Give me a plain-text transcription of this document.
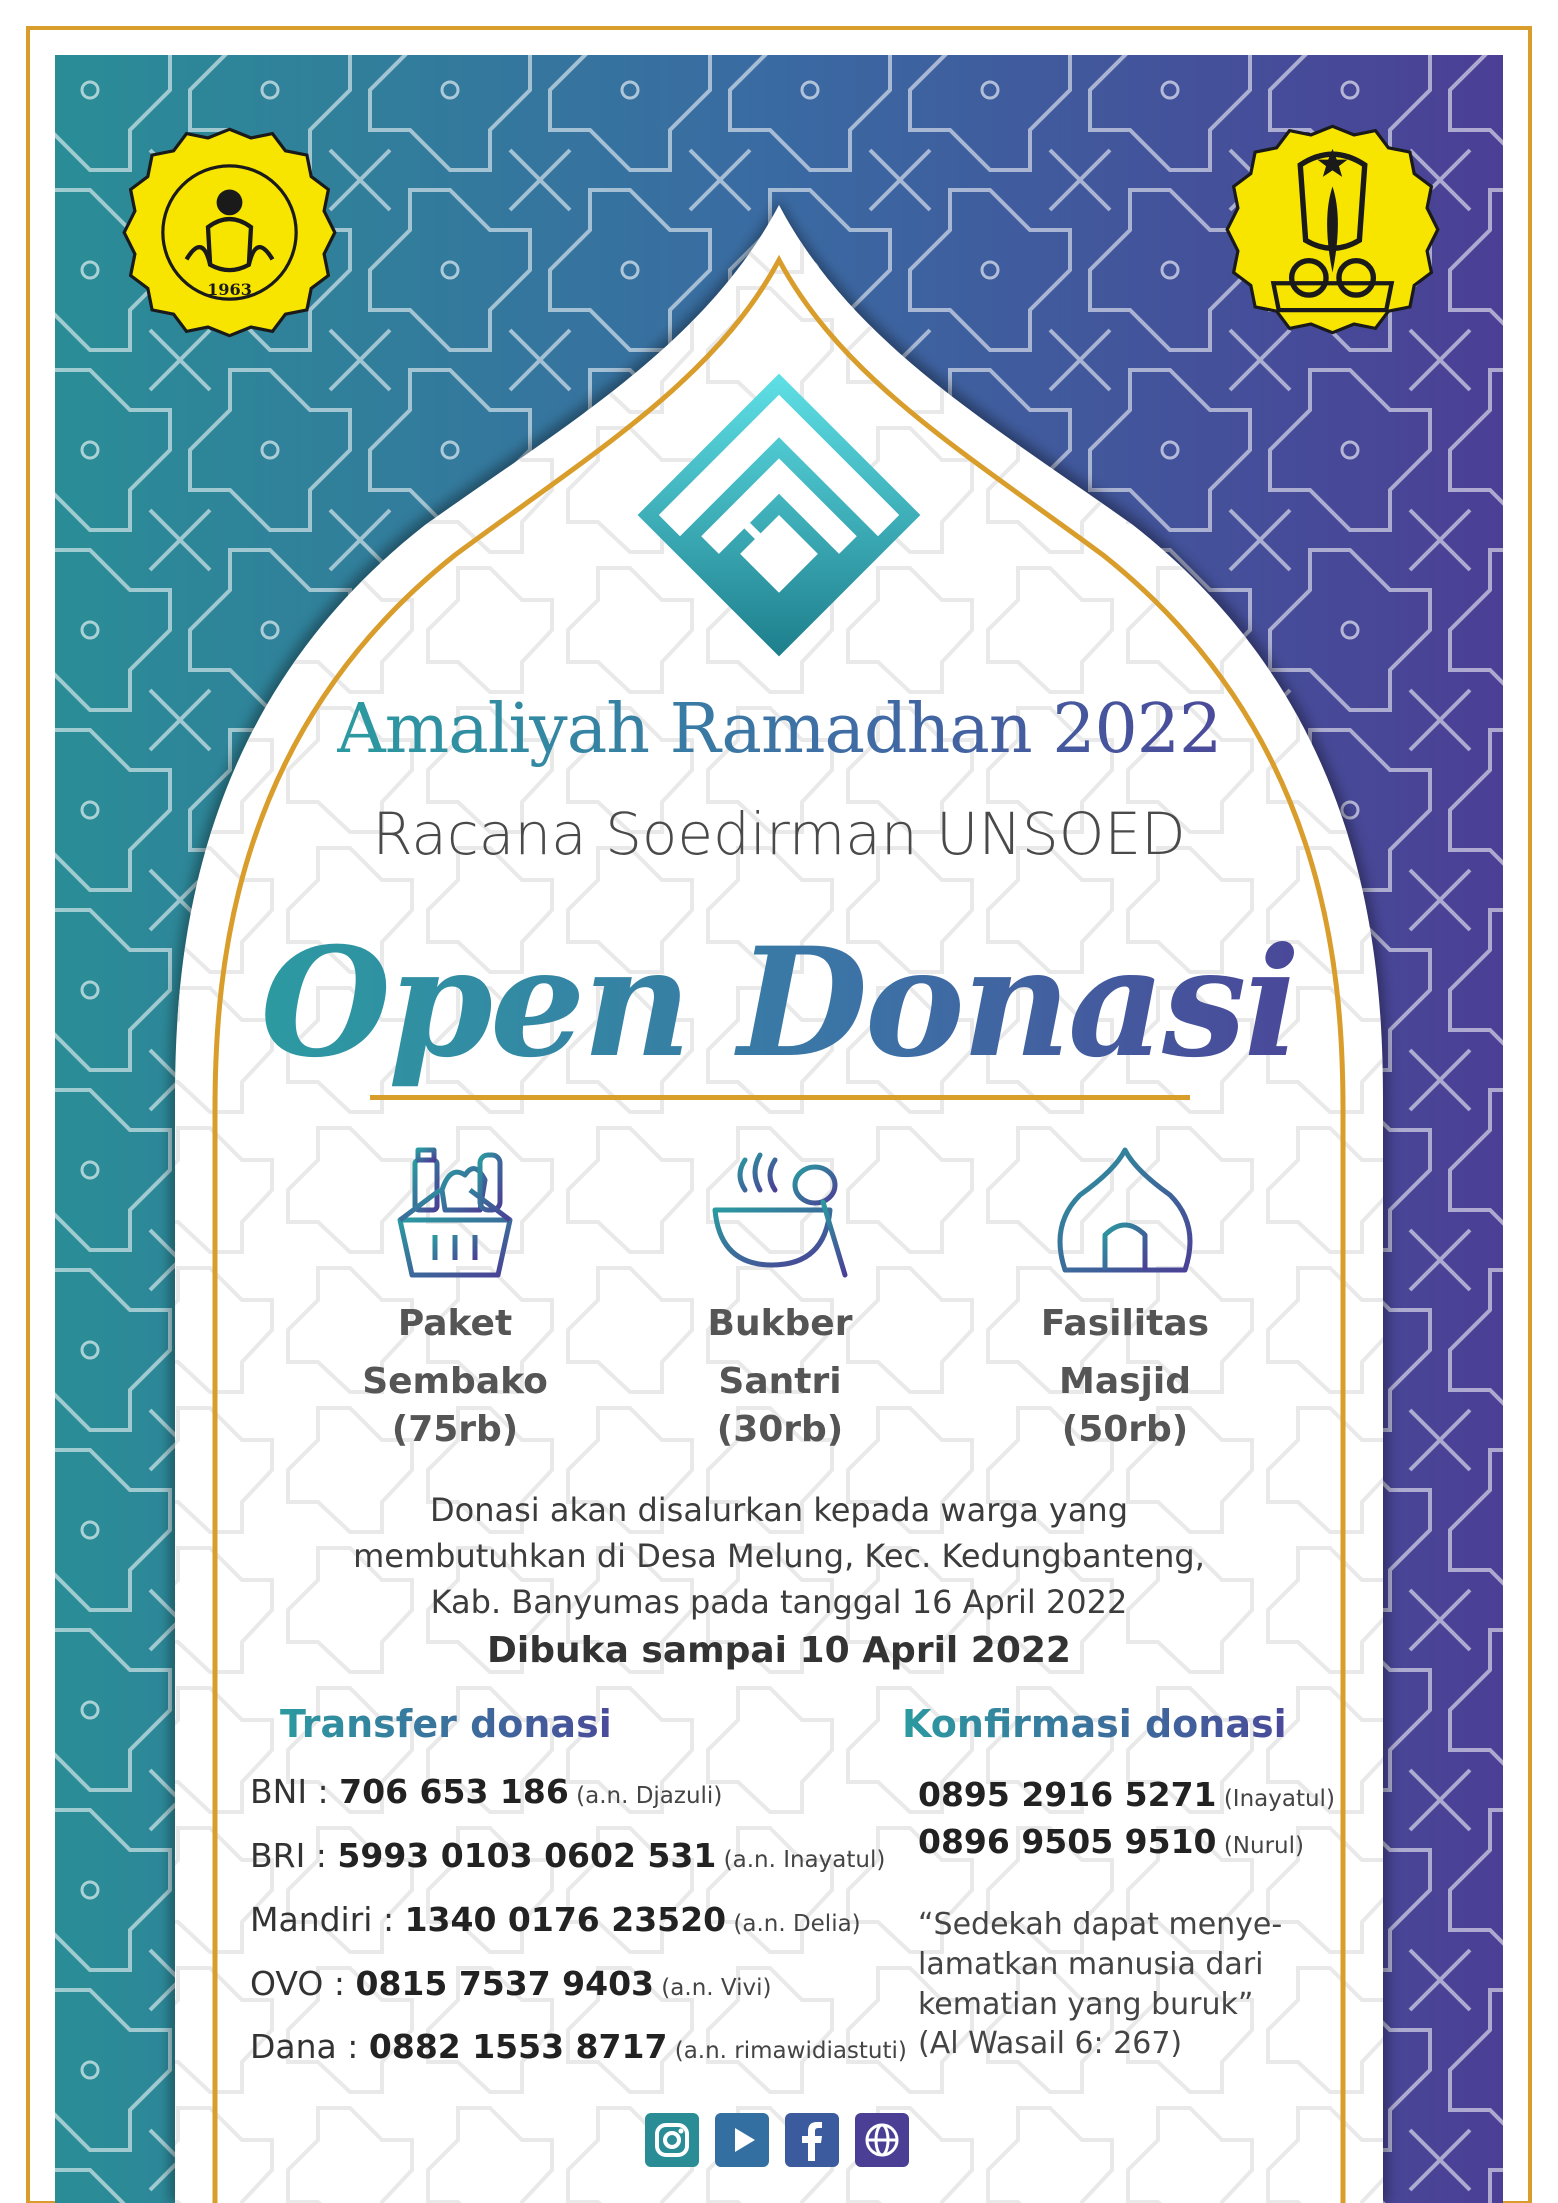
1963
Amaliyah Ramadhan 2022
Racana Soedirman UNSOED
Open Donasi
Paket
Sembako
(75rb)
Bukber
Santri
(30rb)
Fasilitas
Masjid
(50rb)
Donasi akan disalurkan kepada warga yang
membutuhkan di Desa Melung, Kec. Kedungbanteng,
Kab. Banyumas pada tanggal 16 April 2022
Dibuka sampai 10 April 2022
Transfer donasi
BNI : 706 653 186 (a.n. Djazuli)
BRI : 5993 0103 0602 531 (a.n. Inayatul)
Mandiri : 1340 0176 23520 (a.n. Delia)
OVO : 0815 7537 9403 (a.n. Vivi)
Dana : 0882 1553 8717 (a.n. rimawidiastuti)
Konfirmasi donasi
0895 2916 5271 (Inayatul)
0896 9505 9510 (Nurul)
“Sedekah dapat menye-
lamatkan manusia dari
kematian yang buruk”
(Al Wasail 6: 267)
